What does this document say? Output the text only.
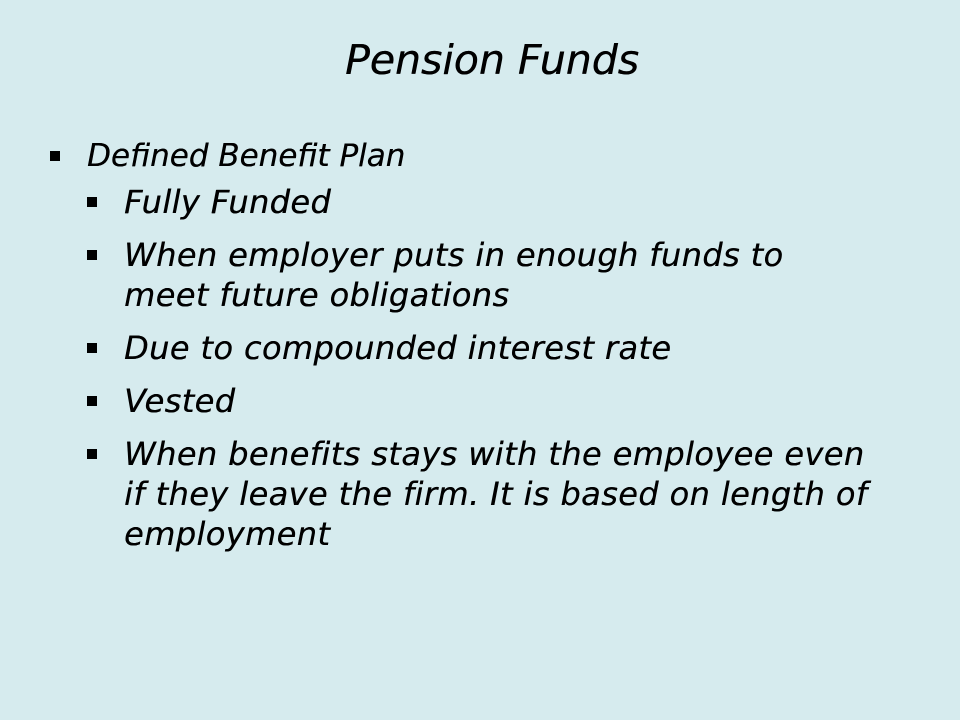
Pension Funds
Defined Benefit Plan
Fully Funded
When employer puts in enough funds to meet future obligations
Due to compounded interest rate
Vested
When benefits stays with the employee even if they leave the firm. It is based on length of employment
